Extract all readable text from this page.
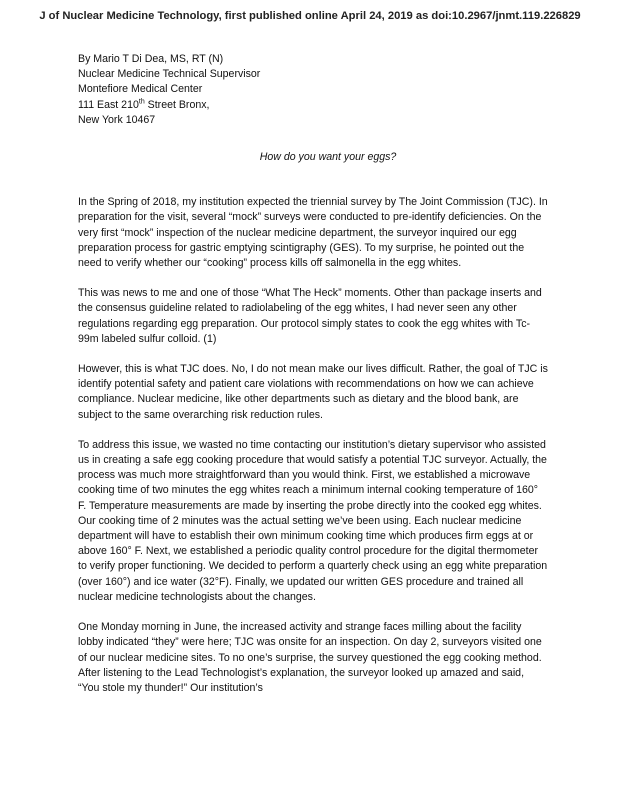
J of Nuclear Medicine Technology, first published online April 24, 2019 as doi:10.2967/jnmt.119.226829
By Mario T Di Dea, MS, RT (N)
Nuclear Medicine Technical Supervisor
Montefiore Medical Center
111 East 210th Street Bronx,
New York 10467
How do you want your eggs?

In the Spring of 2018, my institution expected the triennial survey by The Joint Commission (TJC). In preparation for the visit, several “mock” surveys were conducted to pre-identify deficiencies. On the very first “mock” inspection of the nuclear medicine department, the surveyor inquired our egg preparation process for gastric emptying scintigraphy (GES). To my surprise, he pointed out the need to verify whether our “cooking” process kills off salmonella in the egg whites.

This was news to me and one of those “What The Heck” moments. Other than package inserts and the consensus guideline related to radiolabeling of the egg whites, I had never seen any other regulations regarding egg preparation. Our protocol simply states to cook the egg whites with Tc-99m labeled sulfur colloid. (1)

However, this is what TJC does. No, I do not mean make our lives difficult. Rather, the goal of TJC is identify potential safety and patient care violations with recommendations on how we can achieve compliance. Nuclear medicine, like other departments such as dietary and the blood bank, are subject to the same overarching risk reduction rules.

To address this issue, we wasted no time contacting our institution’s dietary supervisor who assisted us in creating a safe egg cooking procedure that would satisfy a potential TJC surveyor. Actually, the process was much more straightforward than you would think. First, we established a microwave cooking time of two minutes the egg whites reach a minimum internal cooking temperature of 160° F. Temperature measurements are made by inserting the probe directly into the cooked egg whites. Our cooking time of 2 minutes was the actual setting we’ve been using. Each nuclear medicine department will have to establish their own minimum cooking time which produces firm eggs at or above 160° F. Next, we established a periodic quality control procedure for the digital thermometer to verify proper functioning. We decided to perform a quarterly check using an egg white preparation (over 160°) and ice water (32°F). Finally, we updated our written GES procedure and trained all nuclear medicine technologists about the changes.

One Monday morning in June, the increased activity and strange faces milling about the facility lobby indicated “they” were here; TJC was onsite for an inspection. On day 2, surveyors visited one of our nuclear medicine sites. To no one’s surprise, the survey questioned the egg cooking method. After listening to the Lead Technologist’s explanation, the surveyor looked up amazed and said, “You stole my thunder!” Our institution’s
